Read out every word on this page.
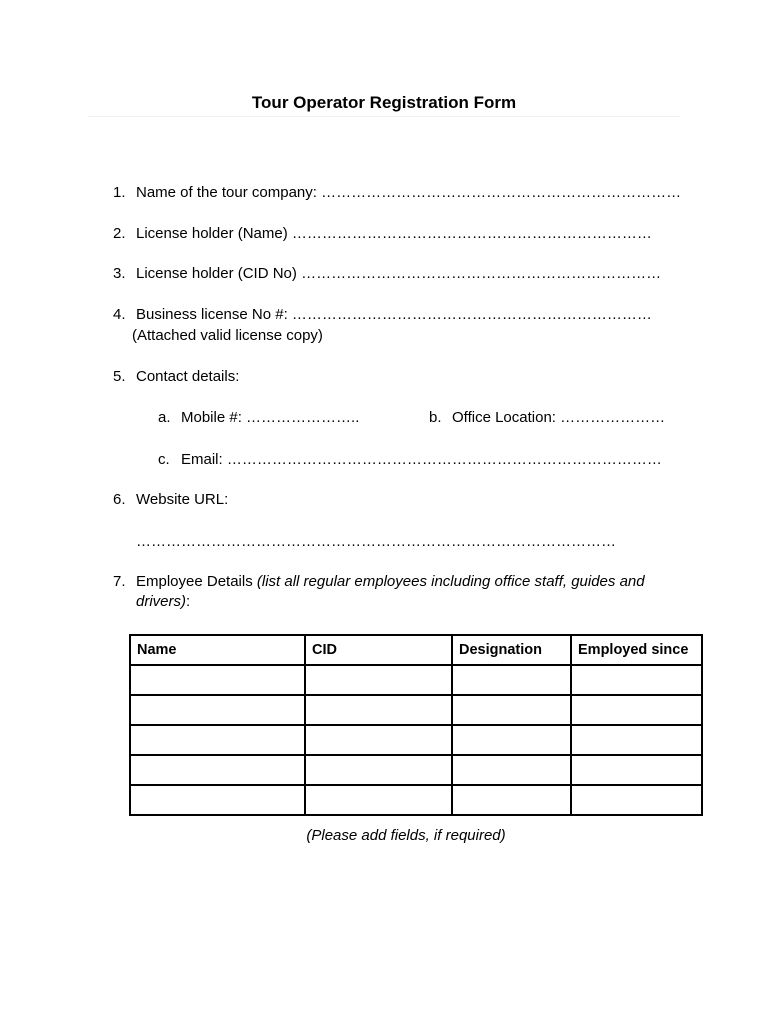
Tour Operator Registration Form
1. Name of the tour company: ………………………………………………………………
2. License holder (Name) ………………………………………………………………
3. License holder (CID No) ………………………………………………………………
4. Business license No #: ………………………………………………………………
(Attached valid license copy)
5. Contact details:
a. Mobile #: …………………..	b. Office Location: …………………
c. Email: ……………………………………………………………………………
6. Website URL:
……………………………………………………………………………………
7. Employee Details (list all regular employees including office staff, guides and
drivers):
Name	CID	Designation	Employed since

(Please add fields, if required)
